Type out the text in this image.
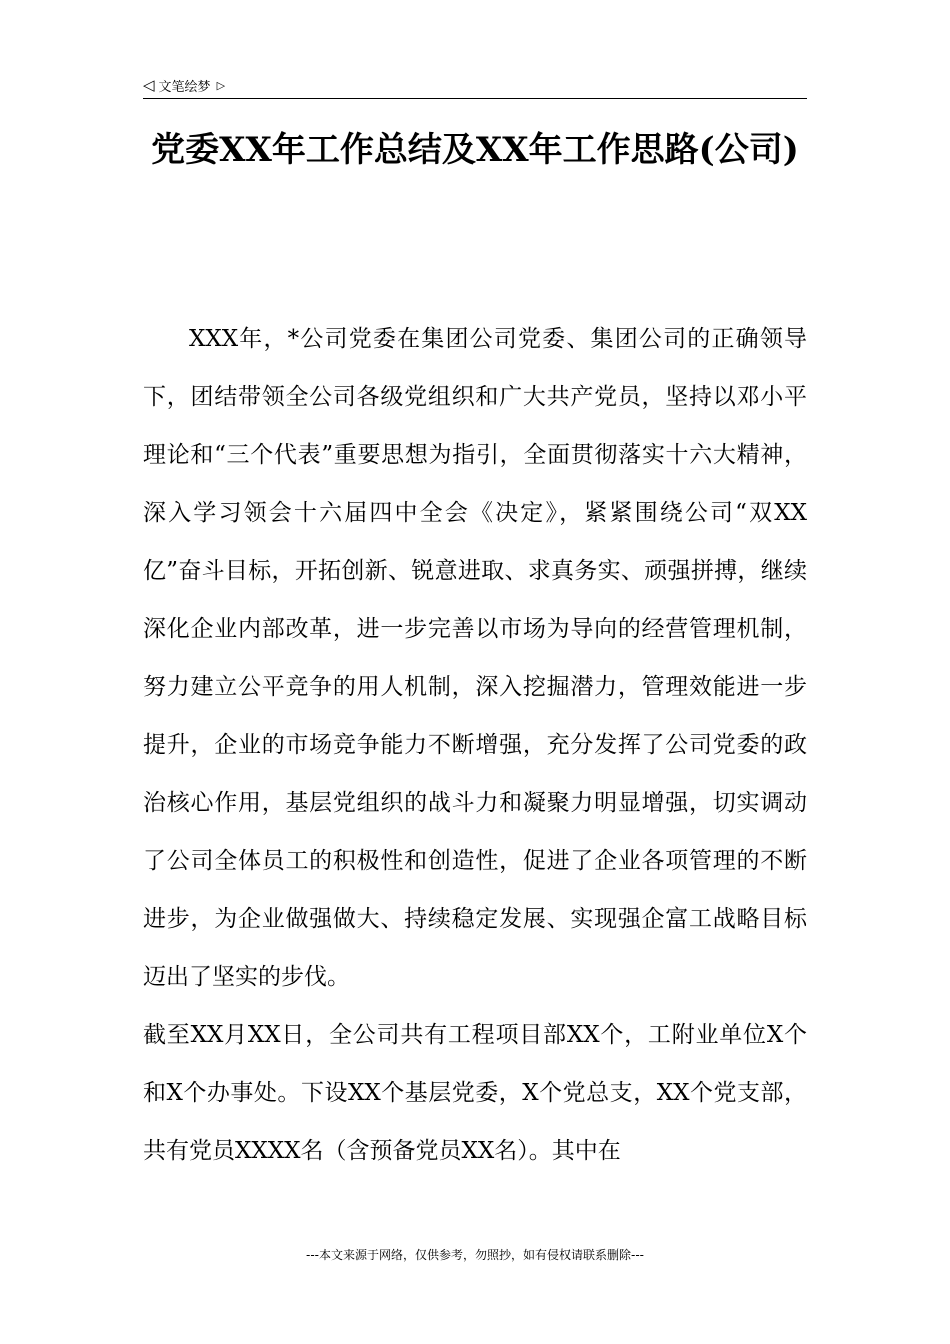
◁ 文笔绘梦 ▷
党委XX年工作总结及XX年工作思路(公司)

XXX年，*公司党委在集团公司党委、集团公司的正确领导下，团结带领全公司各级党组织和广大共产党员，坚持以邓小平理论和“三个代表”重要思想为指引，全面贯彻落实十六大精神，深入学习领会十六届四中全会《决定》，紧紧围绕公司“双XX亿”奋斗目标，开拓创新、锐意进取、求真务实、顽强拼搏，继续深化企业内部改革，进一步完善以市场为导向的经营管理机制，努力建立公平竞争的用人机制，深入挖掘潜力，管理效能进一步提升，企业的市场竞争能力不断增强，充分发挥了公司党委的政治核心作用，基层党组织的战斗力和凝聚力明显增强，切实调动了公司全体员工的积极性和创造性，促进了企业各项管理的不断进步，为企业做强做大、持续稳定发展、实现强企富工战略目标迈出了坚实的步伐。

截至XX月XX日，全公司共有工程项目部XX个，工附业单位X个和X个办事处。下设XX个基层党委，X个党总支，XX个党支部，共有党员XXXX名（含预备党员XX名）。其中在

---本文来源于网络，仅供参考，勿照抄，如有侵权请联系删除---
